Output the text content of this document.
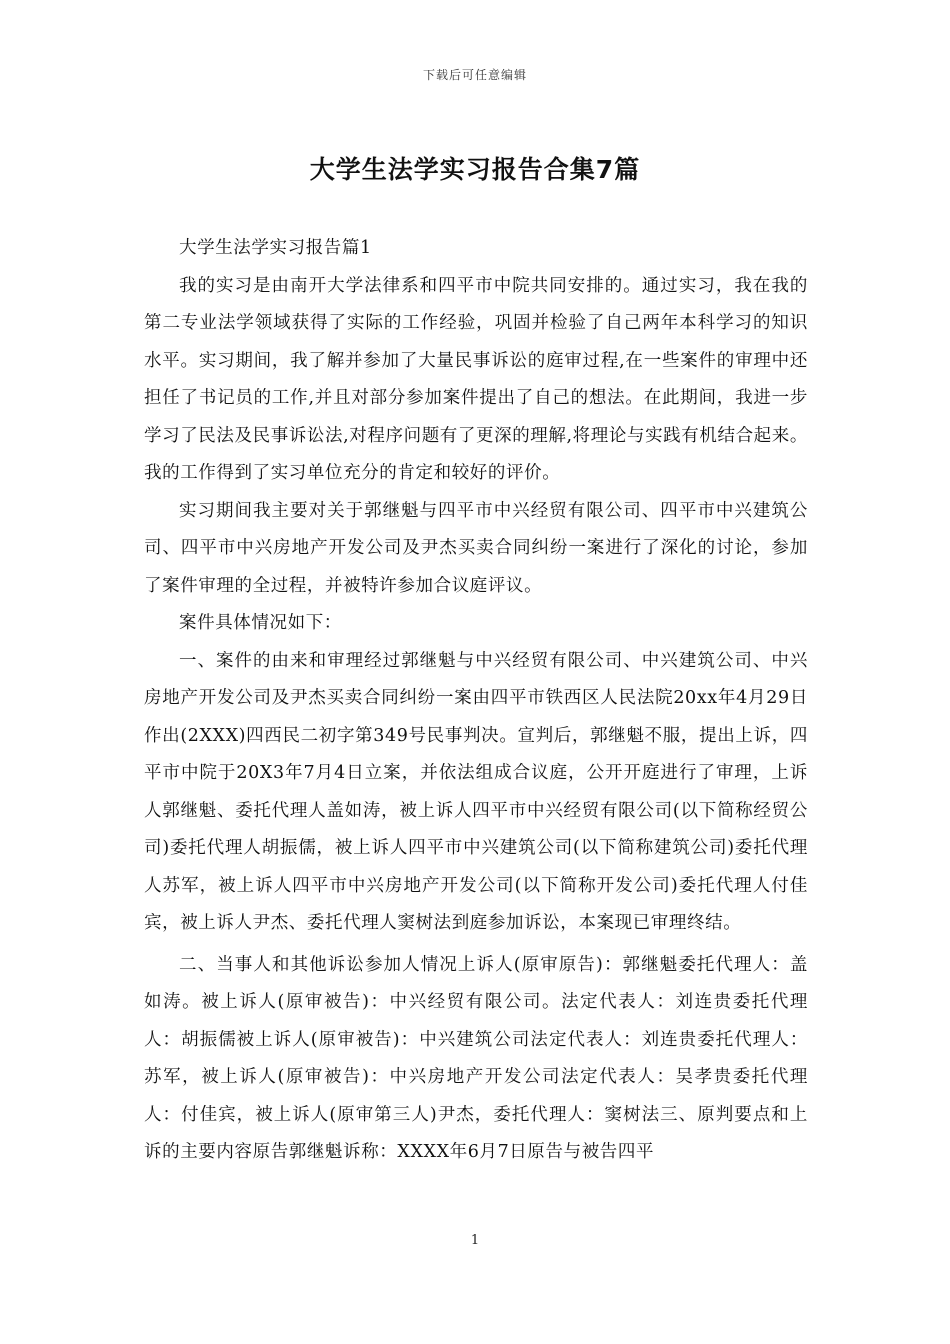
下载后可任意编辑
大学生法学实习报告合集7篇

大学生法学实习报告篇1

我的实习是由南开大学法律系和四平市中院共同安排的。通过实习，我在我的第二专业法学领域获得了实际的工作经验，巩固并检验了自己两年本科学习的知识水平。实习期间，我了解并参加了大量民事诉讼的庭审过程,在一些案件的审理中还担任了书记员的工作,并且对部分参加案件提出了自己的想法。在此期间，我进一步学习了民法及民事诉讼法,对程序问题有了更深的理解,将理论与实践有机结合起来。我的工作得到了实习单位充分的肯定和较好的评价。

实习期间我主要对关于郭继魁与四平市中兴经贸有限公司、四平市中兴建筑公司、四平市中兴房地产开发公司及尹杰买卖合同纠纷一案进行了深化的讨论，参加了案件审理的全过程，并被特许参加合议庭评议。

案件具体情况如下：

一、案件的由来和审理经过郭继魁与中兴经贸有限公司、中兴建筑公司、中兴房地产开发公司及尹杰买卖合同纠纷一案由四平市铁西区人民法院20xx年4月29日作出(2XXX)四西民二初字第349号民事判决。宣判后，郭继魁不服，提出上诉，四平市中院于20X3年7月4日立案，并依法组成合议庭，公开开庭进行了审理，上诉人郭继魁、委托代理人盖如涛，被上诉人四平市中兴经贸有限公司(以下简称经贸公司)委托代理人胡振儒，被上诉人四平市中兴建筑公司(以下简称建筑公司)委托代理人苏军，被上诉人四平市中兴房地产开发公司(以下简称开发公司)委托代理人付佳宾，被上诉人尹杰、委托代理人窦树法到庭参加诉讼，本案现已审理终结。

二、当事人和其他诉讼参加人情况上诉人(原审原告)：郭继魁委托代理人：盖如涛。被上诉人(原审被告)：中兴经贸有限公司。法定代表人：刘连贵委托代理人：胡振儒被上诉人(原审被告)：中兴建筑公司法定代表人：刘连贵委托代理人：苏军，被上诉人(原审被告)：中兴房地产开发公司法定代表人：吴孝贵委托代理人：付佳宾，被上诉人(原审第三人)尹杰，委托代理人：窦树法三、原判要点和上诉的主要内容原告郭继魁诉称：XXXX年6月7日原告与被告四平

1
